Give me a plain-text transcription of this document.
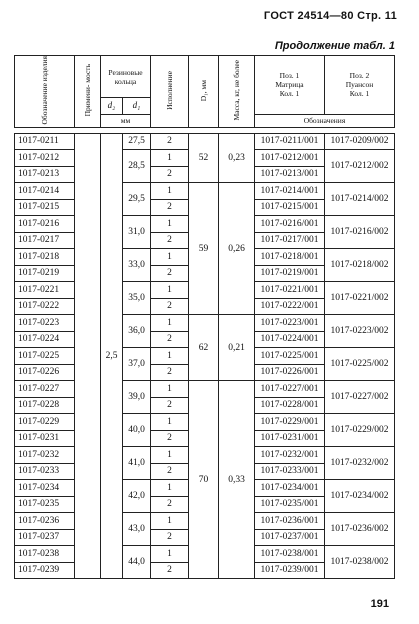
ГОСТ 24514—80 Стр. 11
Продолжение табл. 1
Обозначение изделия	Примени- мость	Резиновые кольца		Исполнение	D₁, мм	Масса, кг, не более	Поз. 1
Матрица
Кол. 1	Поз. 2
Пуансон
Кол. 1
		d₂	d₁					
		мм					Обозначения	

1017-0211		2,5	27,5	2	52	0,23	1017-0211/001	1017-0209/002
1017-0212			28,5	1			1017-0212/001	1017-0212/002
1017-0213				2			1017-0213/001	
1017-0214			29,5	1	59	0,26	1017-0214/001	1017-0214/002
1017-0215				2			1017-0215/001	
1017-0216			31,0	1			1017-0216/001	1017-0216/002
1017-0217				2			1017-0217/001	
1017-0218			33,0	1			1017-0218/001	1017-0218/002
1017-0219				2			1017-0219/001	
1017-0221			35,0	1			1017-0221/001	1017-0221/002
1017-0222				2			1017-0222/001	
1017-0223			36,0	1	62	0,21	1017-0223/001	1017-0223/002
1017-0224				2			1017-0224/001	
1017-0225			37,0	1			1017-0225/001	1017-0225/002
1017-0226				2			1017-0226/001	
1017-0227			39,0	1	70	0,33	1017-0227/001	1017-0227/002
1017-0228				2			1017-0228/001	
1017-0229			40,0	1			1017-0229/001	1017-0229/002
1017-0231				2			1017-0231/001	
1017-0232			41,0	1			1017-0232/001	1017-0232/002
1017-0233				2			1017-0233/001	
1017-0234			42,0	1			1017-0234/001	1017-0234/002
1017-0235				2			1017-0235/001	
1017-0236			43,0	1			1017-0236/001	1017-0236/002
1017-0237				2			1017-0237/001	
1017-0238			44,0	1			1017-0238/001	1017-0238/002
1017-0239				2			1017-0239/001	
191
